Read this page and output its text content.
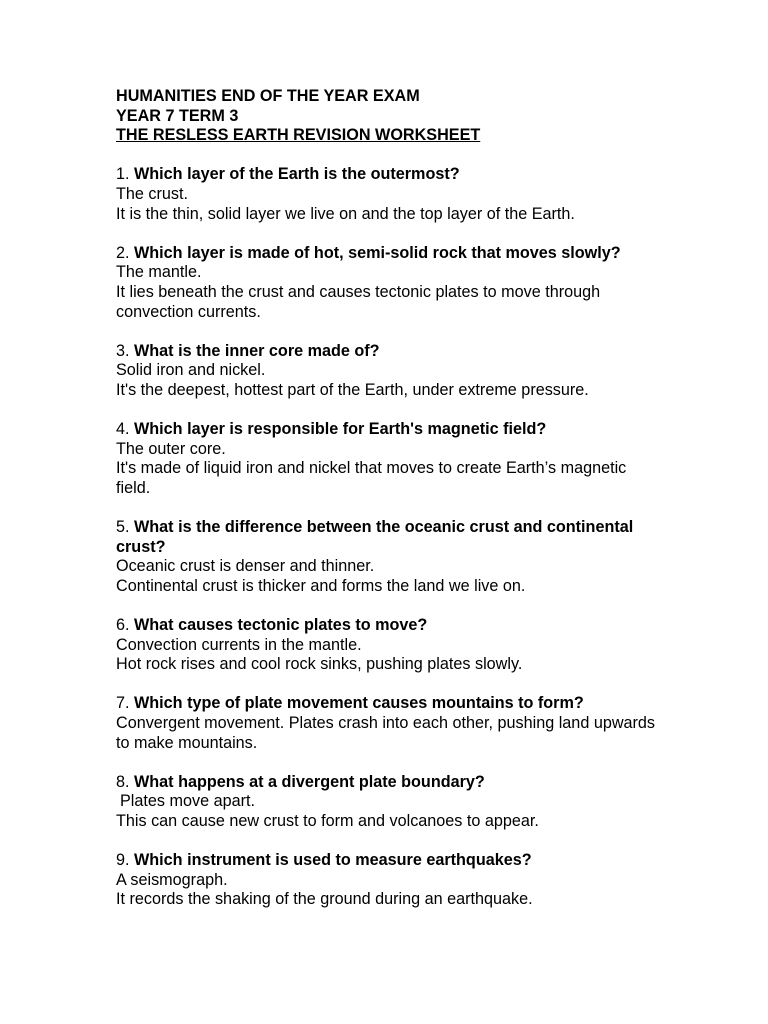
HUMANITIES END OF THE YEAR EXAM
YEAR 7 TERM 3
THE RESLESS EARTH REVISION WORKSHEET
1. Which layer of the Earth is the outermost?
The crust.
It is the thin, solid layer we live on and the top layer of the Earth.
2. Which layer is made of hot, semi-solid rock that moves slowly?
The mantle.
It lies beneath the crust and causes tectonic plates to move through convection currents.
3. What is the inner core made of?
Solid iron and nickel.
It's the deepest, hottest part of the Earth, under extreme pressure.
4. Which layer is responsible for Earth's magnetic field?
The outer core.
It's made of liquid iron and nickel that moves to create Earth’s magnetic field.
5. What is the difference between the oceanic crust and continental crust?
Oceanic crust is denser and thinner.
Continental crust is thicker and forms the land we live on.
6. What causes tectonic plates to move?
Convection currents in the mantle.
Hot rock rises and cool rock sinks, pushing plates slowly.
7. Which type of plate movement causes mountains to form?
Convergent movement. Plates crash into each other, pushing land upwards to make mountains.
8. What happens at a divergent plate boundary?
Plates move apart.
This can cause new crust to form and volcanoes to appear.
9. Which instrument is used to measure earthquakes?
A seismograph.
It records the shaking of the ground during an earthquake.
